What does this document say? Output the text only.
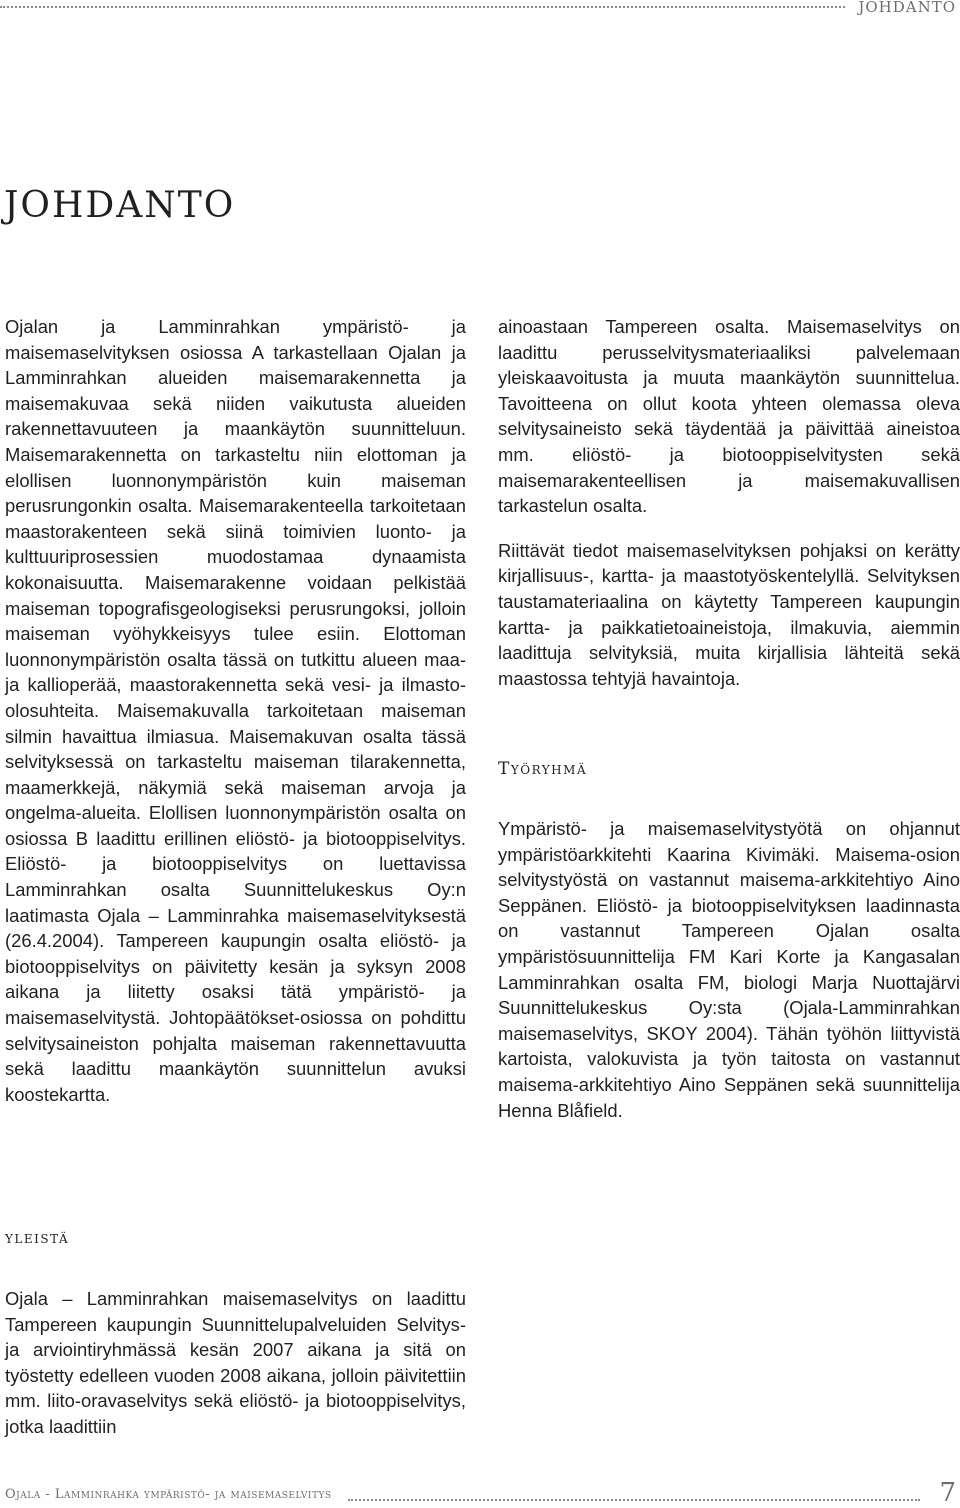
JOHDANTO
JOHDANTO

Ojalan ja Lamminrahkan ympäristö- ja maisemaselvityksen osiossa A tarkastellaan Ojalan ja Lamminrahkan alueiden maisemarakennetta ja maisemakuvaa sekä niiden vaikutusta alueiden rakennettavuuteen ja maankäytön suunnitteluun. Maisemarakennetta on tarkasteltu niin elottoman ja elollisen luonnonympäristön kuin maiseman perusrungonkin osalta. Maisemarakenteella tarkoitetaan maastorakenteen sekä siinä toimivien luonto- ja kulttuuriprosessien muodostamaa dynaamista kokonaisuutta. Maisemarakenne voidaan pelkistää maiseman topografisgeologiseksi perusrungoksi, jolloin maiseman vyöhykkeisyys tulee esiin. Elottoman luonnonympäristön osalta tässä on tutkittu alueen maa- ja kallioperää, maastorakennetta sekä vesi- ja ilmasto-olosuhteita. Maisemakuvalla tarkoitetaan maiseman silmin havaittua ilmiasua. Maisemakuvan osalta tässä selvityksessä on tarkasteltu maiseman tilarakennetta, maamerkkejä, näkymiä sekä maiseman arvoja ja ongelma-alueita. Elollisen luonnonympäristön osalta on osiossa B laadittu erillinen eliöstö- ja biotooppiselvitys. Eliöstö- ja biotooppiselvitys on luettavissa Lamminrahkan osalta Suunnittelukeskus Oy:n laatimasta Ojala – Lamminrahka maisemaselvityksestä (26.4.2004). Tampereen kaupungin osalta eliöstö- ja biotooppiselvitys on päivitetty kesän ja syksyn 2008 aikana ja liitetty osaksi tätä ympäristö- ja maisemaselvitystä. Johtopäätökset-osiossa on pohdittu selvitysaineiston pohjalta maiseman rakennettavuutta sekä laadittu maankäytön suunnittelun avuksi koostekartta.

ainoastaan Tampereen osalta. Maisemaselvitys on laadittu perusselvitysmateriaaliksi palvelemaan yleiskaavoitusta ja muuta maankäytön suunnittelua. Tavoitteena on ollut koota yhteen olemassa oleva selvitysaineisto sekä täydentää ja päivittää aineistoa mm. eliöstö- ja biotooppiselvitysten sekä maisemarakenteellisen ja maisemakuvallisen tarkastelun osalta.

Riittävät tiedot maisemaselvityksen pohjaksi on kerätty kirjallisuus-, kartta- ja maastotyöskentelyllä. Selvityksen taustamateriaalina on käytetty Tampereen kaupungin kartta- ja paikkatietoaineistoja, ilmakuvia, aiemmin laadittuja selvityksiä, muita kirjallisia lähteitä sekä maastossa tehtyjä havaintoja.

Työryhmä

Ympäristö- ja maisemaselvitystyötä on ohjannut ympäristöarkkitehti Kaarina Kivimäki. Maisema-osion selvitystyöstä on vastannut maisema-arkkitehtiyo Aino Seppänen. Eliöstö- ja biotooppiselvityksen laadinnasta on vastannut Tampereen Ojalan osalta ympäristösuunnittelija FM Kari Korte ja Kangasalan Lamminrahkan osalta FM, biologi Marja Nuottajärvi Suunnittelukeskus Oy:sta (Ojala-Lamminrahkan maisemaselvitys, SKOY 2004). Tähän työhön liittyvistä kartoista, valokuvista ja työn taitosta on vastannut maisema-arkkitehtiyo Aino Seppänen sekä suunnittelija Henna Blåfield.

yleistä

Ojala – Lamminrahkan maisemaselvitys on laadittu Tampereen kaupungin Suunnittelupalveluiden Selvitys- ja arviointiryhmässä kesän 2007 aikana ja sitä on työstetty edelleen vuoden 2008 aikana, jolloin päivitettiin mm. liito-oravaselvitys sekä eliöstö- ja biotooppiselvitys, jotka laadittiin

Ojala - Lamminrahka ympäristö- ja maisemaselvitys	7
